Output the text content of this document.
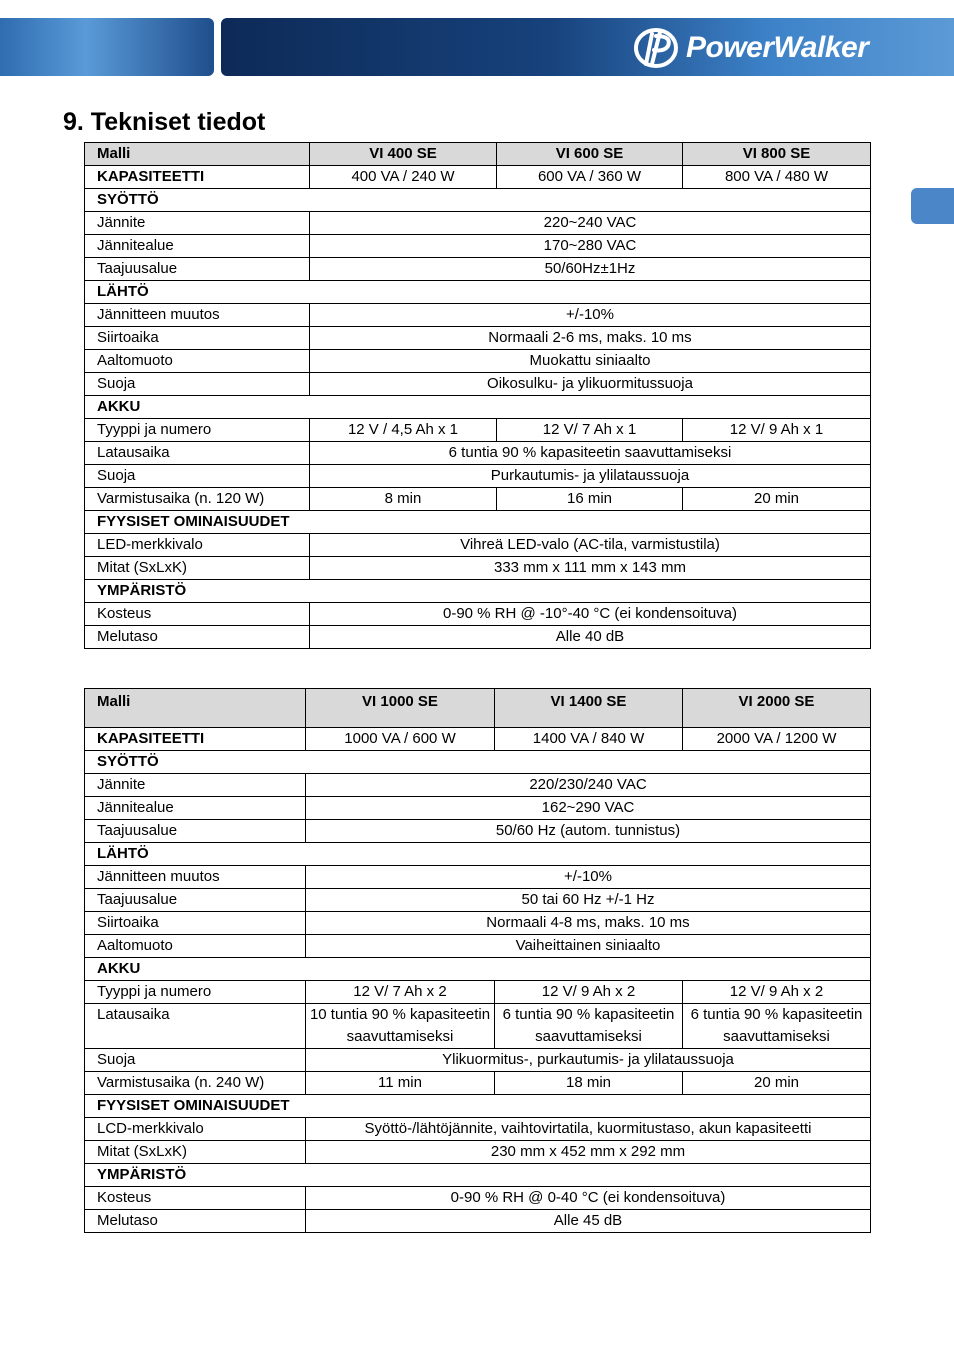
PowerWalker
9. Tekniset tiedot
Malli	VI 400 SE	VI 600 SE	VI 800 SE
KAPASITEETTI	400 VA / 240 W	600 VA / 360 W	800 VA / 480 W
SYÖTTÖ			
Jännite	220~240 VAC		
Jännitealue	170~280 VAC		
Taajuusalue	50/60Hz±1Hz		
LÄHTÖ			
Jännitteen muutos	+/-10%		
Siirtoaika	Normaali 2-6 ms, maks. 10 ms		
Aaltomuoto	Muokattu siniaalto		
Suoja	Oikosulku- ja ylikuormitussuoja		
AKKU			
Tyyppi ja numero	12 V / 4,5 Ah x 1	12 V/ 7 Ah x 1	12 V/ 9 Ah x 1
Latausaika	6 tuntia 90 % kapasiteetin saavuttamiseksi		
Suoja	Purkautumis- ja ylilataussuoja		
Varmistusaika (n. 120 W)	8 min	16 min	20 min
FYYSISET OMINAISUUDET			
LED-merkkivalo	Vihreä LED-valo (AC-tila, varmistustila)		
Mitat (SxLxK)	333 mm x 111 mm x 143 mm		
YMPÄRISTÖ			
Kosteus	0-90 % RH @ -10°-40 °C (ei kondensoituva)		
Melutaso	Alle 40 dB		
Malli	VI 1000 SE	VI 1400 SE	VI 2000 SE
KAPASITEETTI	1000 VA / 600 W	1400 VA / 840 W	2000 VA / 1200 W
SYÖTTÖ			
Jännite	220/230/240 VAC		
Jännitealue	162~290 VAC		
Taajuusalue	50/60 Hz (autom. tunnistus)		
LÄHTÖ			
Jännitteen muutos	+/-10%		
Taajuusalue	50 tai 60 Hz +/-1 Hz		
Siirtoaika	Normaali 4-8 ms, maks. 10 ms		
Aaltomuoto	Vaiheittainen siniaalto		
AKKU			
Tyyppi ja numero	12 V/ 7 Ah x 2	12 V/ 9 Ah x 2	12 V/ 9 Ah x 2
Latausaika	10 tuntia 90 % kapasiteetin saavuttamiseksi	6 tuntia 90 % kapasiteetin saavuttamiseksi	6 tuntia 90 % kapasiteetin saavuttamiseksi
Suoja	Ylikuormitus-, purkautumis- ja ylilataussuoja		
Varmistusaika (n. 240 W)	11 min	18 min	20 min
FYYSISET OMINAISUUDET			
LCD-merkkivalo	Syöttö-/lähtöjännite, vaihtovirtatila, kuormitustaso, akun kapasiteetti		
Mitat (SxLxK)	230 mm x 452 mm x 292 mm		
YMPÄRISTÖ			
Kosteus	0-90 % RH @ 0-40 °C (ei kondensoituva)		
Melutaso	Alle 45 dB		
